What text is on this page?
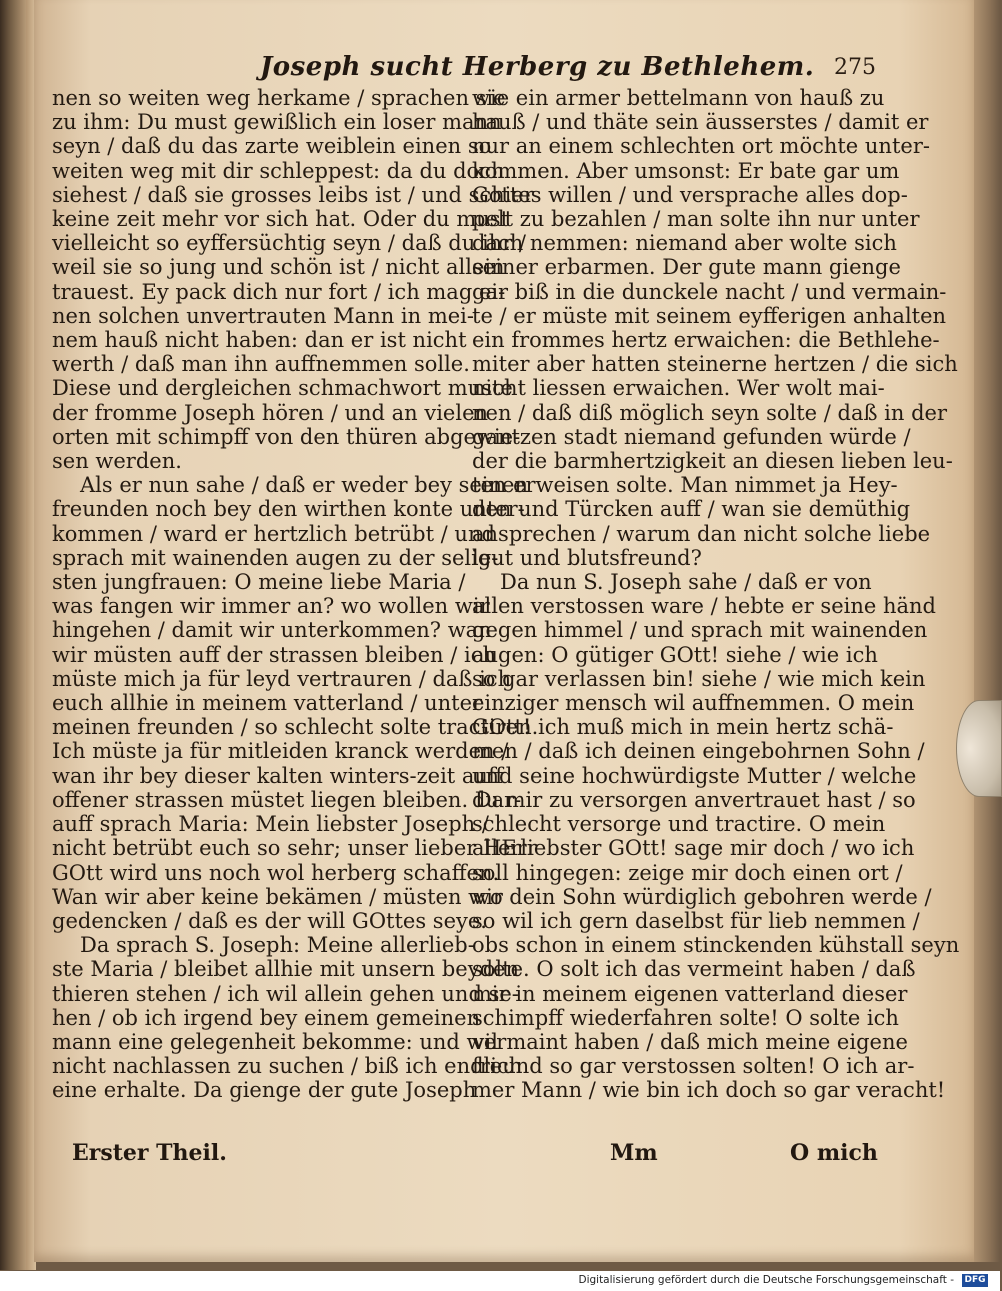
Joseph sucht Herberg zu Bethlehem. 275
nen so weiten weg herkame / sprachen sie
zu ihm: Du must gewißlich ein loser mann
seyn / daß du das zarte weiblein einen so
weiten weg mit dir schleppest: da du doch
siehest / daß sie grosses leibs ist / und schier
keine zeit mehr vor sich hat. Oder du must
vielleicht so eyffersüchtig seyn / daß du ihr /
weil sie so jung und schön ist / nicht allein
trauest. Ey pack dich nur fort / ich mag ei-
nen solchen unvertrauten Mann in mei-
nem hauß nicht haben: dan er ist nicht
werth / daß man ihn auffnemmen solle.
Diese und dergleichen schmachwort muste
der fromme Joseph hören / und an vielen
orten mit schimpff von den thüren abgewie-
sen werden.
Als er nun sahe / daß er weder bey seinen
freunden noch bey den wirthen konte unter-
kommen / ward er hertzlich betrübt / und
sprach mit wainenden augen zu der selig-
sten jungfrauen: O meine liebe Maria /
was fangen wir immer an? wo wollen wir
hingehen / damit wir unterkommen? wan
wir müsten auff der strassen bleiben / ich
müste mich ja für leyd vertrauren / daß ich
euch allhie in meinem vatterland / unter
meinen freunden / so schlecht solte tractiren.
Ich müste ja für mitleiden kranck werden /
wan ihr bey dieser kalten winters-zeit auff
offener strassen müstet liegen bleiben. Dar-
auff sprach Maria: Mein liebster Joseph /
nicht betrübt euch so sehr; unser lieber HErr
GOtt wird uns noch wol herberg schaffen.
Wan wir aber keine bekämen / müsten wir
gedencken / daß es der will GOttes seye.
Da sprach S. Joseph: Meine allerlieb-
ste Maria / bleibet allhie mit unsern beyden
thieren stehen / ich wil allein gehen und se-
hen / ob ich irgend bey einem gemeinen
mann eine gelegenheit bekomme: und wil
nicht nachlassen zu suchen / biß ich endlich
eine erhalte. Da gienge der gute Joseph
wie ein armer bettelmann von hauß zu
hauß / und thäte sein äusserstes / damit er
nur an einem schlechten ort möchte unter-
kommen. Aber umsonst: Er bate gar um
Gottes willen / und versprache alles dop-
pelt zu bezahlen / man solte ihn nur unter
dach nemmen: niemand aber wolte sich
seiner erbarmen. Der gute mann gienge
gar biß in die dunckele nacht / und vermain-
te / er müste mit seinem eyfferigen anhalten
ein frommes hertz erwaichen: die Bethlehe-
miter aber hatten steinerne hertzen / die sich
nicht liessen erwaichen. Wer wolt mai-
nen / daß diß möglich seyn solte / daß in der
gantzen stadt niemand gefunden würde /
der die barmhertzigkeit an diesen lieben leu-
ten erweisen solte. Man nimmet ja Hey-
den und Türcken auff / wan sie demüthig
ansprechen / warum dan nicht solche liebe
leut und blutsfreund?
Da nun S. Joseph sahe / daß er von
allen verstossen ware / hebte er seine händ
gegen himmel / und sprach mit wainenden
augen: O gütiger GOtt! siehe / wie ich
so gar verlassen bin! siehe / wie mich kein
einziger mensch wil auffnemmen. O mein
GOtt! ich muß mich in mein hertz schä-
men / daß ich deinen eingebohrnen Sohn /
und seine hochwürdigste Mutter / welche
du mir zu versorgen anvertrauet hast / so
schlecht versorge und tractire. O mein
allerliebster GOtt! sage mir doch / wo ich
soll hingegen: zeige mir doch einen ort /
wo dein Sohn würdiglich gebohren werde /
so wil ich gern daselbst für lieb nemmen /
obs schon in einem stinckenden kühstall seyn
solte. O solt ich das vermeint haben / daß
mir in meinem eigenen vatterland dieser
schimpff wiederfahren solte! O solte ich
vermaint haben / daß mich meine eigene
freund so gar verstossen solten! O ich ar-
mer Mann / wie bin ich doch so gar veracht!
Erster Theil.	Mm	O mich
Digitalisierung gefördert durch die Deutsche Forschungsgemeinschaft - DFG
